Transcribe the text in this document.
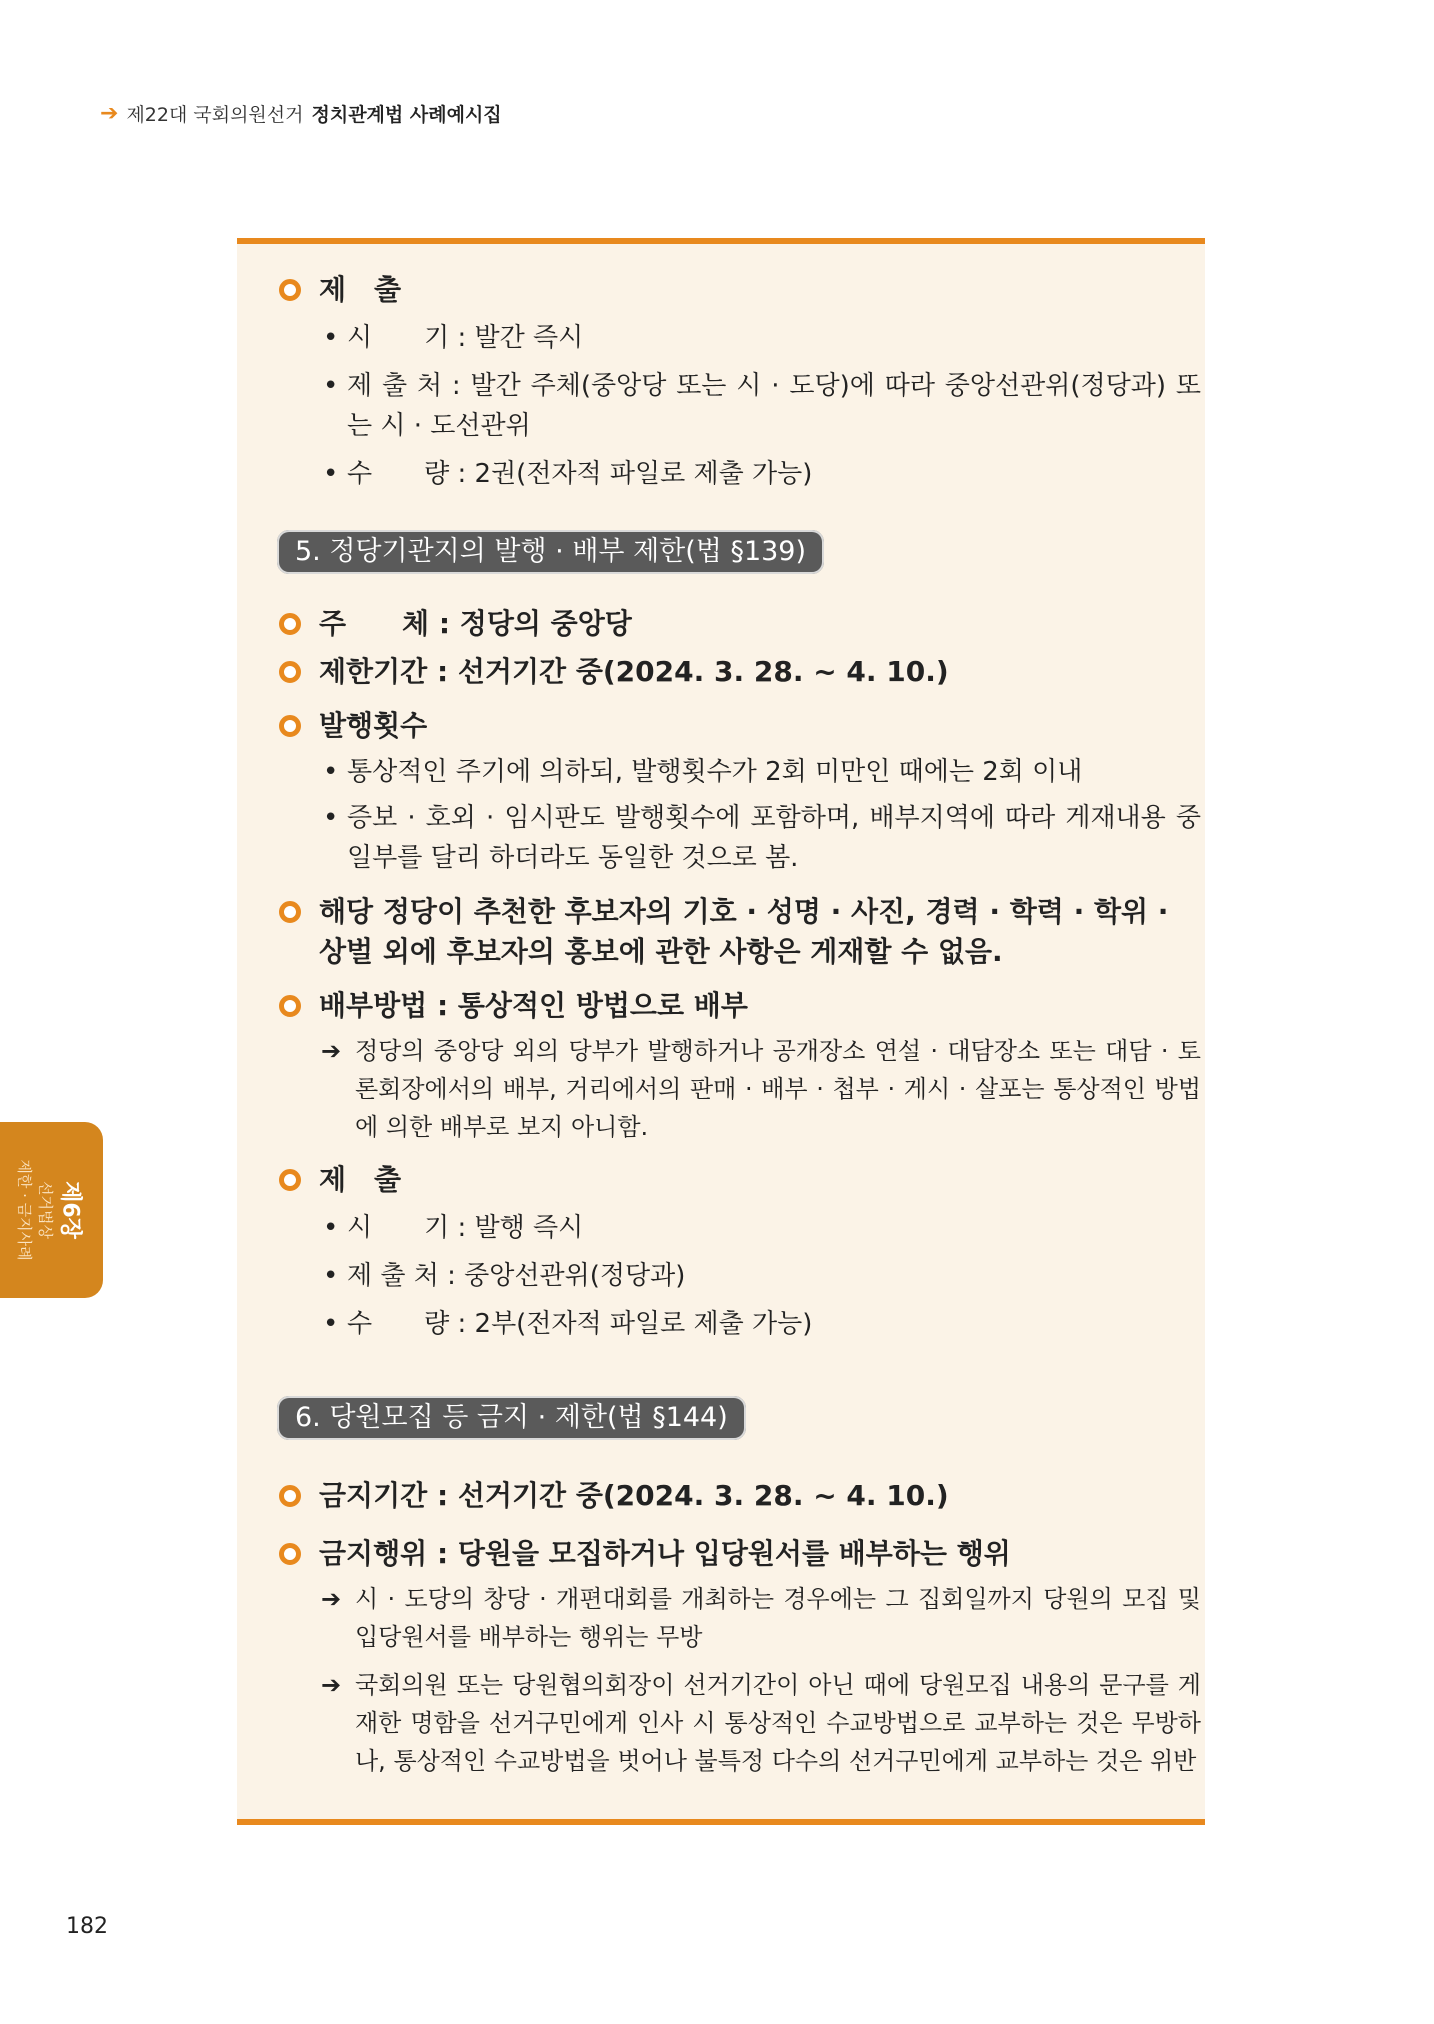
➔ 제22대 국회의원선거 정치관계법 사례예시집
제　출
• 시　　기 : 발간 즉시
• 제 출 처 : 발간 주체(중앙당 또는 시 · 도당)에 따라 중앙선관위(정당과) 또는 시 · 도선관위
• 수　　량 : 2권(전자적 파일로 제출 가능)
5. 정당기관지의 발행 · 배부 제한(법 §139)
주　　체 : 정당의 중앙당
제한기간 : 선거기간 중(2024. 3. 28. ~ 4. 10.)
발행횟수
• 통상적인 주기에 의하되, 발행횟수가 2회 미만인 때에는 2회 이내
• 증보 · 호외 · 임시판도 발행횟수에 포함하며, 배부지역에 따라 게재내용 중 일부를 달리 하더라도 동일한 것으로 봄.
해당 정당이 추천한 후보자의 기호 · 성명 · 사진, 경력 · 학력 · 학위 · 상벌 외에 후보자의 홍보에 관한 사항은 게재할 수 없음.
배부방법 : 통상적인 방법으로 배부
➔ 정당의 중앙당 외의 당부가 발행하거나 공개장소 연설 · 대담장소 또는 대담 · 토론회장에서의 배부, 거리에서의 판매 · 배부 · 첩부 · 게시 · 살포는 통상적인 방법에 의한 배부로 보지 아니함.
제　출
• 시　　기 : 발행 즉시
• 제 출 처 : 중앙선관위(정당과)
• 수　　량 : 2부(전자적 파일로 제출 가능)
6. 당원모집 등 금지 · 제한(법 §144)
금지기간 : 선거기간 중(2024. 3. 28. ~ 4. 10.)
금지행위 : 당원을 모집하거나 입당원서를 배부하는 행위
➔ 시 · 도당의 창당 · 개편대회를 개최하는 경우에는 그 집회일까지 당원의 모집 및 입당원서를 배부하는 행위는 무방
➔ 국회의원 또는 당원협의회장이 선거기간이 아닌 때에 당원모집 내용의 문구를 게재한 명함을 선거구민에게 인사 시 통상적인 수교방법으로 교부하는 것은 무방하나, 통상적인 수교방법을 벗어나 불특정 다수의 선거구민에게 교부하는 것은 위반
제6장
선거법상
제한 · 금지사례
182
